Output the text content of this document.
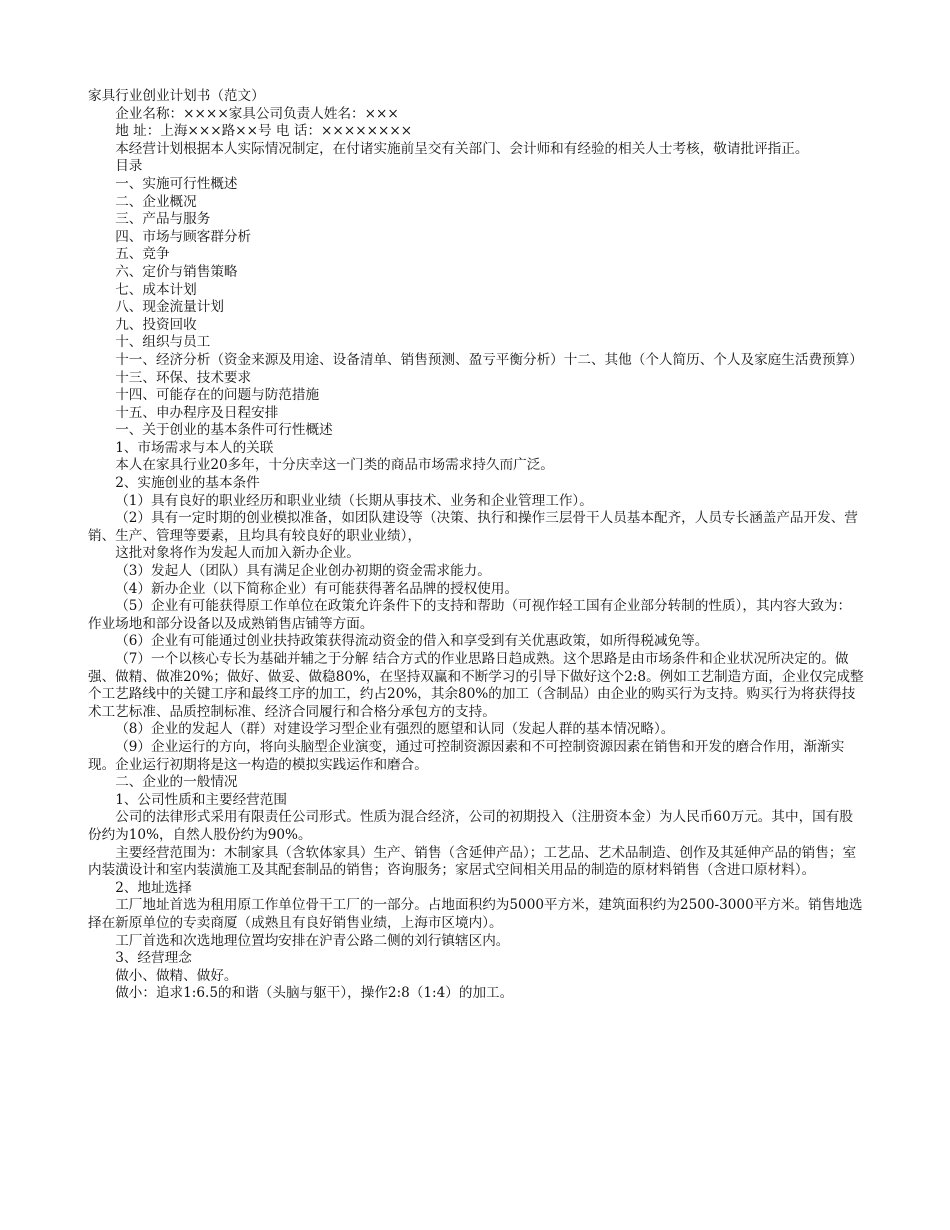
家具行业创业计划书（范文）

企业名称：××××家具公司负责人姓名：×××

地 址：上海×××路××号 电 话：××××××××

本经营计划根据本人实际情况制定，在付诸实施前呈交有关部门、会计师和有经验的相关人士考核，敬请批评指正。

目录

一、实施可行性概述

二、企业概况

三、产品与服务

四、市场与顾客群分析

五、竞争

六、定价与销售策略

七、成本计划

八、现金流量计划

九、投资回收

十、组织与员工

十一、经济分析（资金来源及用途、设备清单、销售预测、盈亏平衡分析）十二、其他（个人简历、个人及家庭生活费预算）

十三、环保、技术要求

十四、可能存在的问题与防范措施

十五、申办程序及日程安排

一、关于创业的基本条件可行性概述

1、市场需求与本人的关联

本人在家具行业20多年，十分庆幸这一门类的商品市场需求持久而广泛。

2、实施创业的基本条件

（1）具有良好的职业经历和职业业绩（长期从事技术、业务和企业管理工作）。

（2）具有一定时期的创业模拟准备，如团队建设等（决策、执行和操作三层骨干人员基本配齐，人员专长涵盖产品开发、营销、生产、管理等要素，且均具有较良好的职业业绩），

这批对象将作为发起人而加入新办企业。

（3）发起人（团队）具有满足企业创办初期的资金需求能力。

（4）新办企业（以下简称企业）有可能获得著名品牌的授权使用。

（5）企业有可能获得原工作单位在政策允许条件下的支持和帮助（可视作轻工国有企业部分转制的性质），其内容大致为：作业场地和部分设备以及成熟销售店铺等方面。

（6）企业有可能通过创业扶持政策获得流动资金的借入和享受到有关优惠政策，如所得税减免等。

（7）一个以核心专长为基础并辅之于分解 结合方式的作业思路日趋成熟。这个思路是由市场条件和企业状况所决定的。做强、做精、做准20%；做好、做妥、做稳80%，在坚持双赢和不断学习的引导下做好这个2:8。例如工艺制造方面，企业仅完成整个工艺路线中的关键工序和最终工序的加工，约占20%，其余80%的加工（含制品）由企业的购买行为支持。购买行为将获得技术工艺标准、品质控制标准、经济合同履行和合格分承包方的支持。

（8）企业的发起人（群）对建设学习型企业有强烈的愿望和认同（发起人群的基本情况略）。

（9）企业运行的方向，将向头脑型企业演变，通过可控制资源因素和不可控制资源因素在销售和开发的磨合作用，渐渐实现。企业运行初期将是这一构造的模拟实践运作和磨合。

二、企业的一般情况

1、公司性质和主要经营范围

公司的法律形式采用有限责任公司形式。性质为混合经济，公司的初期投入（注册资本金）为人民币60万元。其中，国有股份约为10%，自然人股份约为90%。

主要经营范围为：木制家具（含软体家具）生产、销售（含延伸产品）；工艺品、艺术品制造、创作及其延伸产品的销售；室内装潢设计和室内装潢施工及其配套制品的销售；咨询服务；家居式空间相关用品的制造的原材料销售（含进口原材料）。

2、地址选择

工厂地址首选为租用原工作单位骨干工厂的一部分。占地面积约为5000平方米，建筑面积约为2500-3000平方米。销售地选择在新原单位的专卖商厦（成熟且有良好销售业绩，上海市区境内）。

工厂首选和次选地理位置均安排在沪青公路二侧的刘行镇辖区内。

3、经营理念

做小、做精、做好。

做小：追求1:6.5的和谐（头脑与躯干），操作2:8（1:4）的加工。
